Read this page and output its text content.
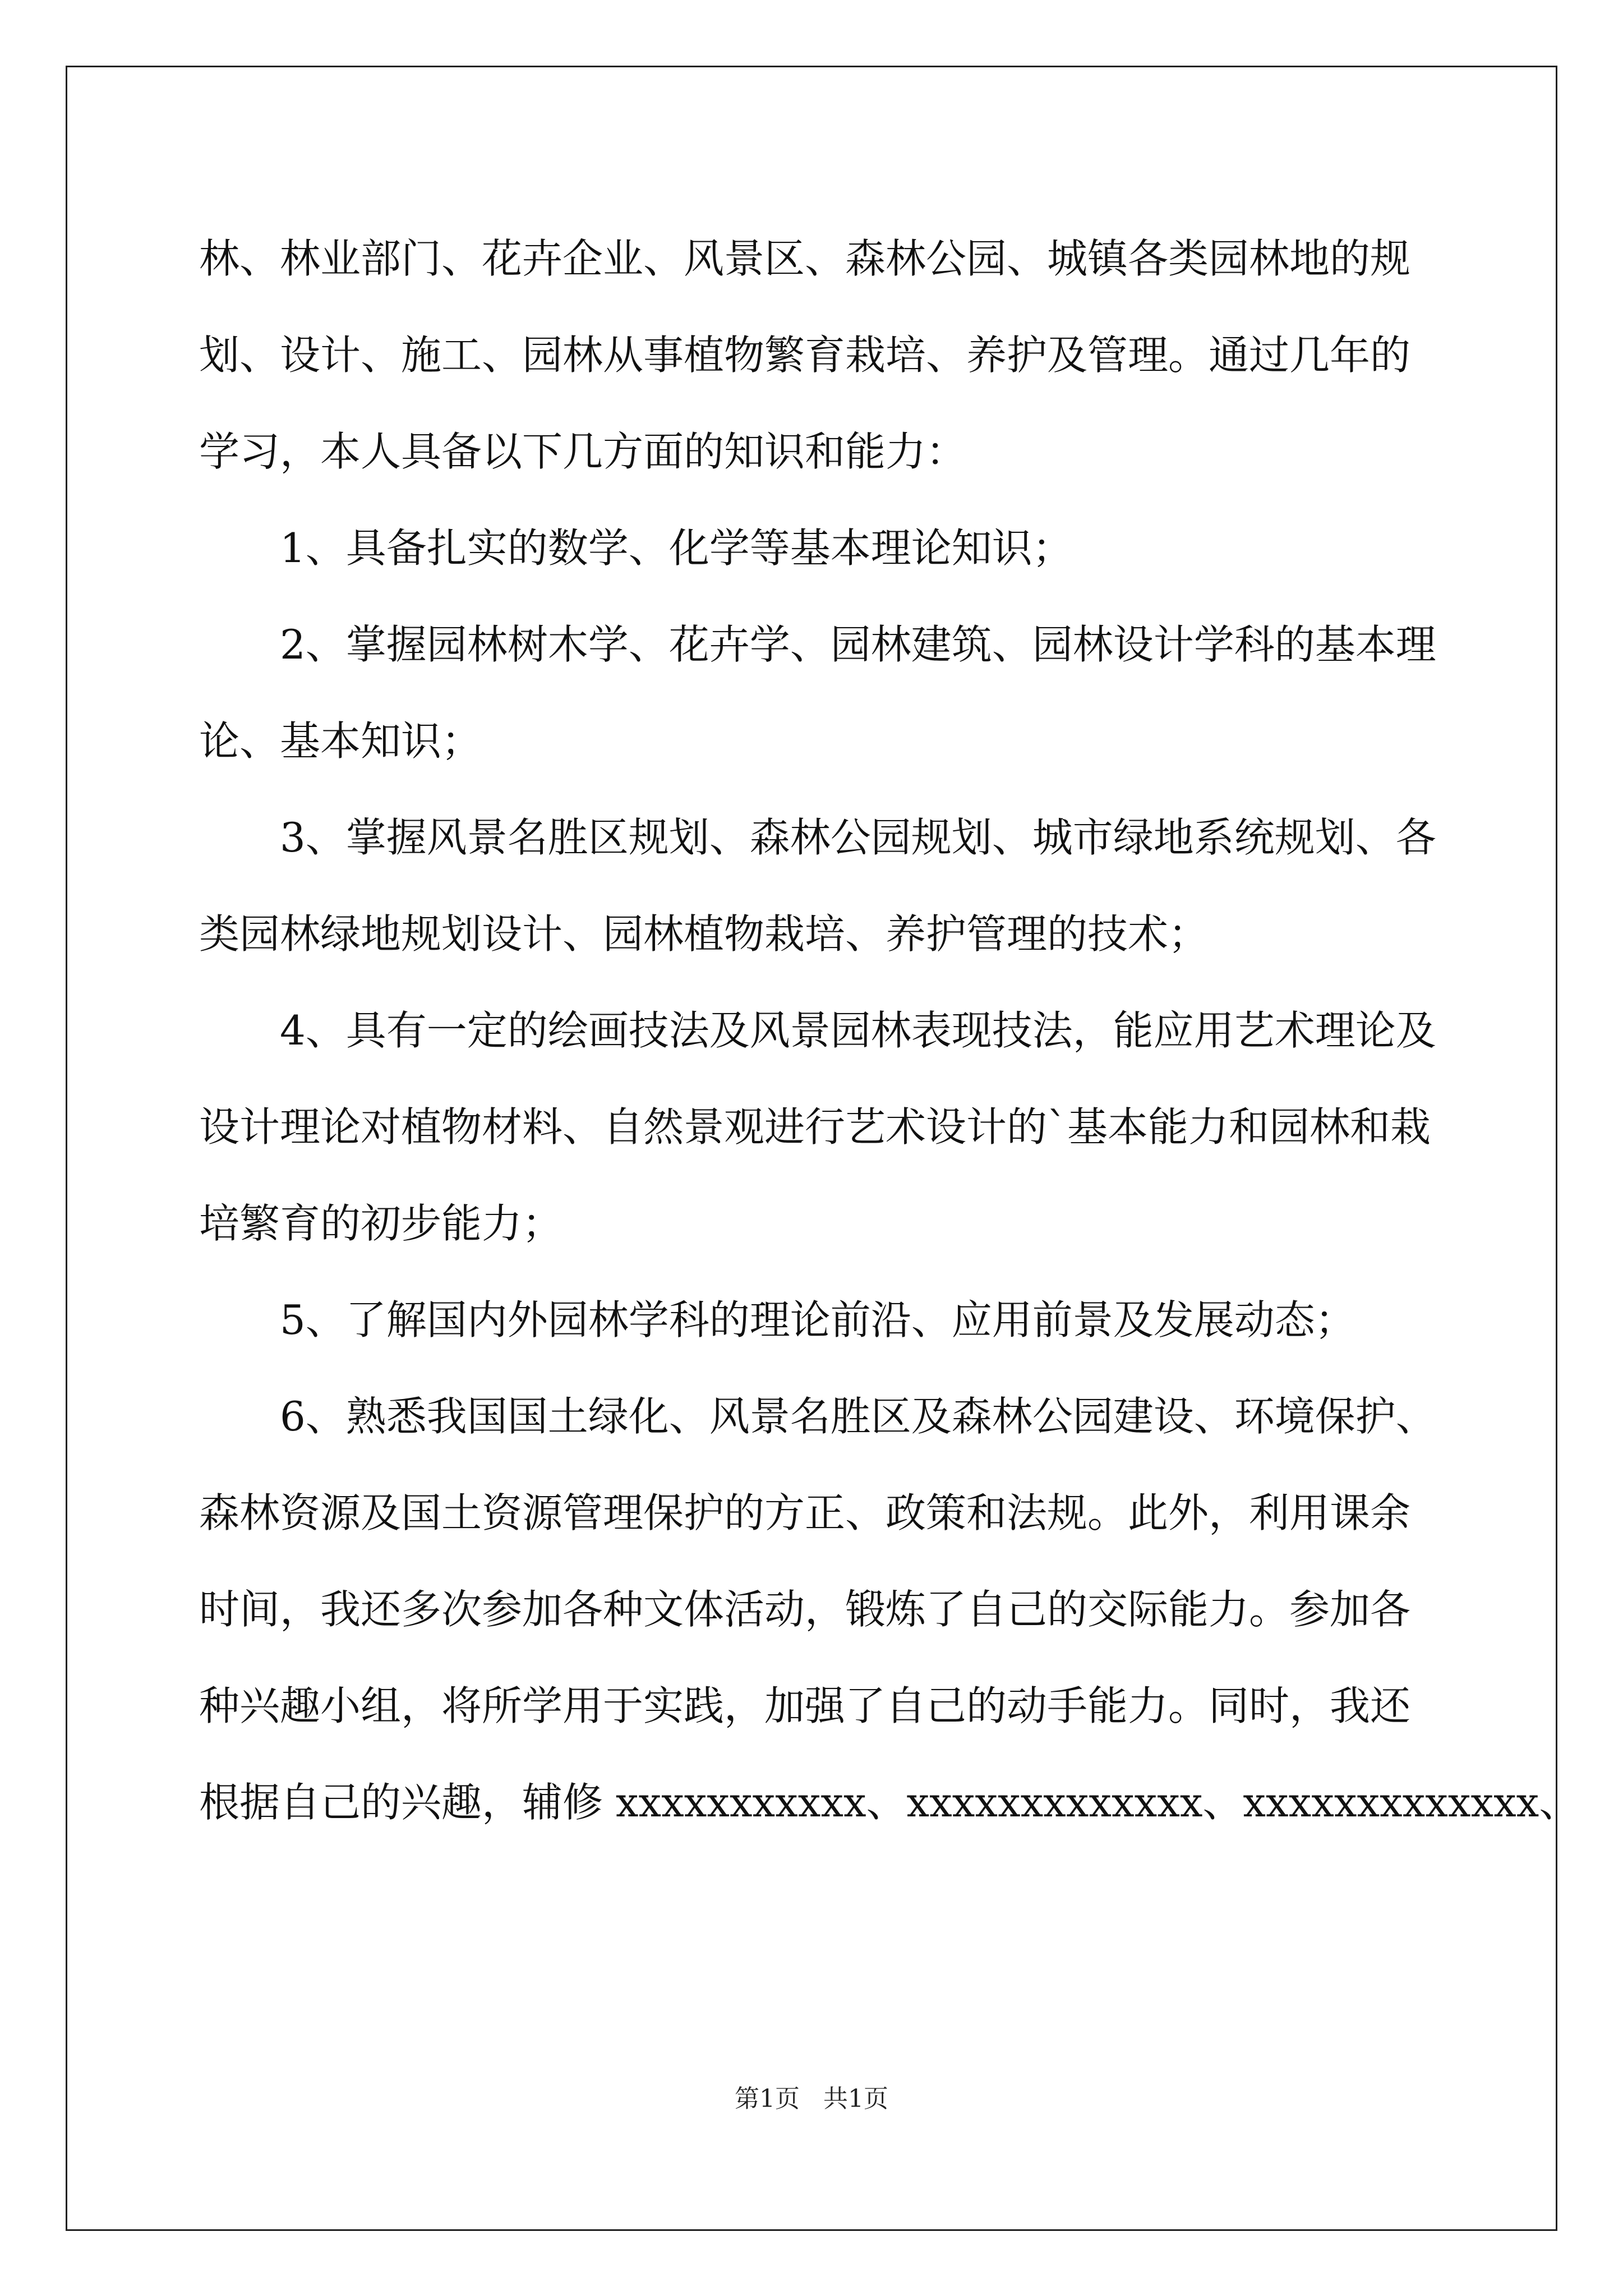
林、林业部门、花卉企业、风景区、森林公园、城镇各类园林地的规
划、设计、施工、园林从事植物繁育栽培、养护及管理。通过几年的
学习，本人具备以下几方面的知识和能力：
1、具备扎实的数学、化学等基本理论知识；
2、掌握园林树木学、花卉学、园林建筑、园林设计学科的基本理
论、基本知识；
3、掌握风景名胜区规划、森林公园规划、城市绿地系统规划、各
类园林绿地规划设计、园林植物栽培、养护管理的技术；
4、具有一定的绘画技法及风景园林表现技法，能应用艺术理论及
设计理论对植物材料、自然景观进行艺术设计的`基本能力和园林和栽
培繁育的初步能力；
5、了解国内外园林学科的理论前沿、应用前景及发展动态；
6、熟悉我国国土绿化、风景名胜区及森林公园建设、环境保护、
森林资源及国土资源管理保护的方正、政策和法规。此外，利用课余
时间，我还多次参加各种文体活动，锻炼了自己的交际能力。参加各
种兴趣小组，将所学用于实践，加强了自己的动手能力。同时，我还
根据自己的兴趣，辅修 xxxxxxxxxxx、xxxxxxxxxxxxx、xxxxxxxxxxxxx、
第1页   共1页
